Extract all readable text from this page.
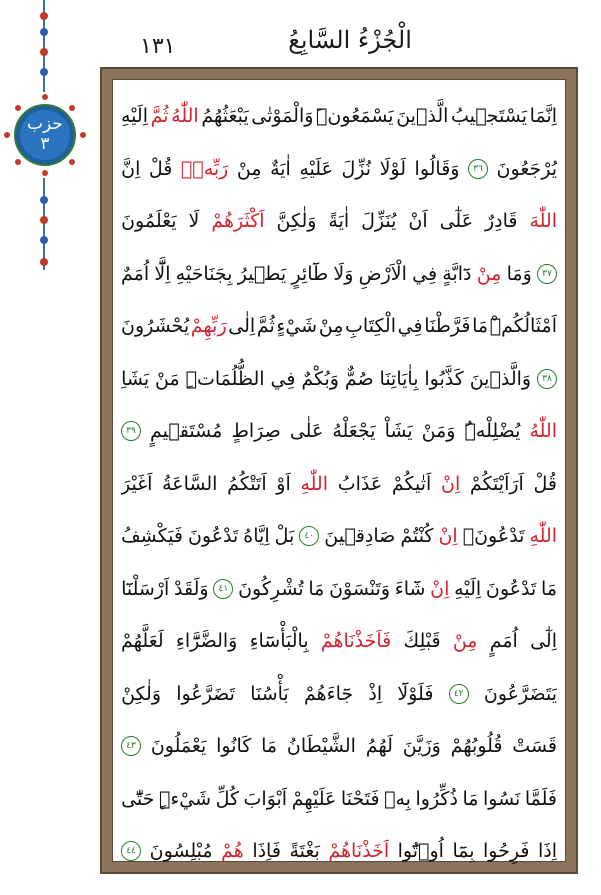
١٣١	الْجُزْءُ السَّابِعُ
حزب
٣
اِنَّمَا
يَسْتَج۪يبُ
الَّذ۪ينَ
يَسْمَعُونَۜ
وَالْمَوْتٰى
يَبْعَثُهُمُ
اللّٰهُ
ثُمَّ
اِلَيْهِ
يُرْجَعُونَ
٣٦
وَقَالُوا
لَوْلَا
نُزِّلَ
عَلَيْهِ
اٰيَةٌ
مِنْ
رَبِّهٖۜ
قُلْ
اِنَّ
اللّٰهَ
قَادِرٌ
عَلٰٓى
اَنْ
يُنَزِّلَ
اٰيَةً
وَلٰكِنَّ
اَكْثَرَهُمْ
لَا
يَعْلَمُونَ
٣٧
وَمَا
مِنْ
دَٓابَّةٍ
فِي
الْاَرْضِ
وَلَا
طَٓائِرٍ
يَط۪يرُ
بِجَنَاحَيْهِ
اِلَّٓا
اُمَمٌ
اَمْثَالُكُمْۜ
مَا
فَرَّطْنَا
فِي
الْكِتَابِ
مِنْ
شَيْءٍ
ثُمَّ
اِلٰى
رَبِّهِمْ
يُحْشَرُونَ
٣٨
وَالَّذ۪ينَ
كَذَّبُوا
بِاٰيَاتِنَا
صُمٌّ
وَبُكْمٌ
فِي
الظُّلُمَاتِۜ
مَنْ
يَشَاِ
اللّٰهُ
يُضْلِلْهُۜ
وَمَنْ
يَشَاْ
يَجْعَلْهُ
عَلٰى
صِرَاطٍ
مُسْتَق۪يمٍ
٣٩
قُلْ
اَرَاَيْتَكُمْ
اِنْ
اَتٰيكُمْ
عَذَابُ
اللّٰهِ
اَوْ
اَتَتْكُمُ
السَّاعَةُ
اَغَيْرَ
اللّٰهِ
تَدْعُونَۚ
اِنْ
كُنْتُمْ
صَادِق۪ينَ
٤٠
بَلْ
اِيَّاهُ
تَدْعُونَ
فَيَكْشِفُ
مَا
تَدْعُونَ
اِلَيْهِ
اِنْ
شَٓاءَ
وَتَنْسَوْنَ
مَا
تُشْرِكُونَ
٤١
وَلَقَدْ
اَرْسَلْنَٓا
اِلٰٓى
اُمَمٍ
مِنْ
قَبْلِكَ
فَاَخَذْنَاهُمْ
بِالْبَأْسَٓاءِ
وَالضَّرَّٓاءِ
لَعَلَّهُمْ
يَتَضَرَّعُونَ
٤٢
فَلَوْلَٓا
اِذْ
جَٓاءَهُمْ
بَأْسُنَا
تَضَرَّعُوا
وَلٰكِنْ
قَسَتْ
قُلُوبُهُمْ
وَزَيَّنَ
لَهُمُ
الشَّيْطَانُ
مَا
كَانُوا
يَعْمَلُونَ
٤٣
فَلَمَّا
نَسُوا
مَا
ذُكِّرُوا
بِه۪
فَتَحْنَا
عَلَيْهِمْ
اَبْوَابَ
كُلِّ
شَيْءٍۜ
حَتّٰٓى
اِذَا
فَرِحُوا
بِمَٓا
اُو۫تُٓوا
اَخَذْنَاهُمْ
بَغْتَةً
فَاِذَا
هُمْ
مُبْلِسُونَ
٤٤
